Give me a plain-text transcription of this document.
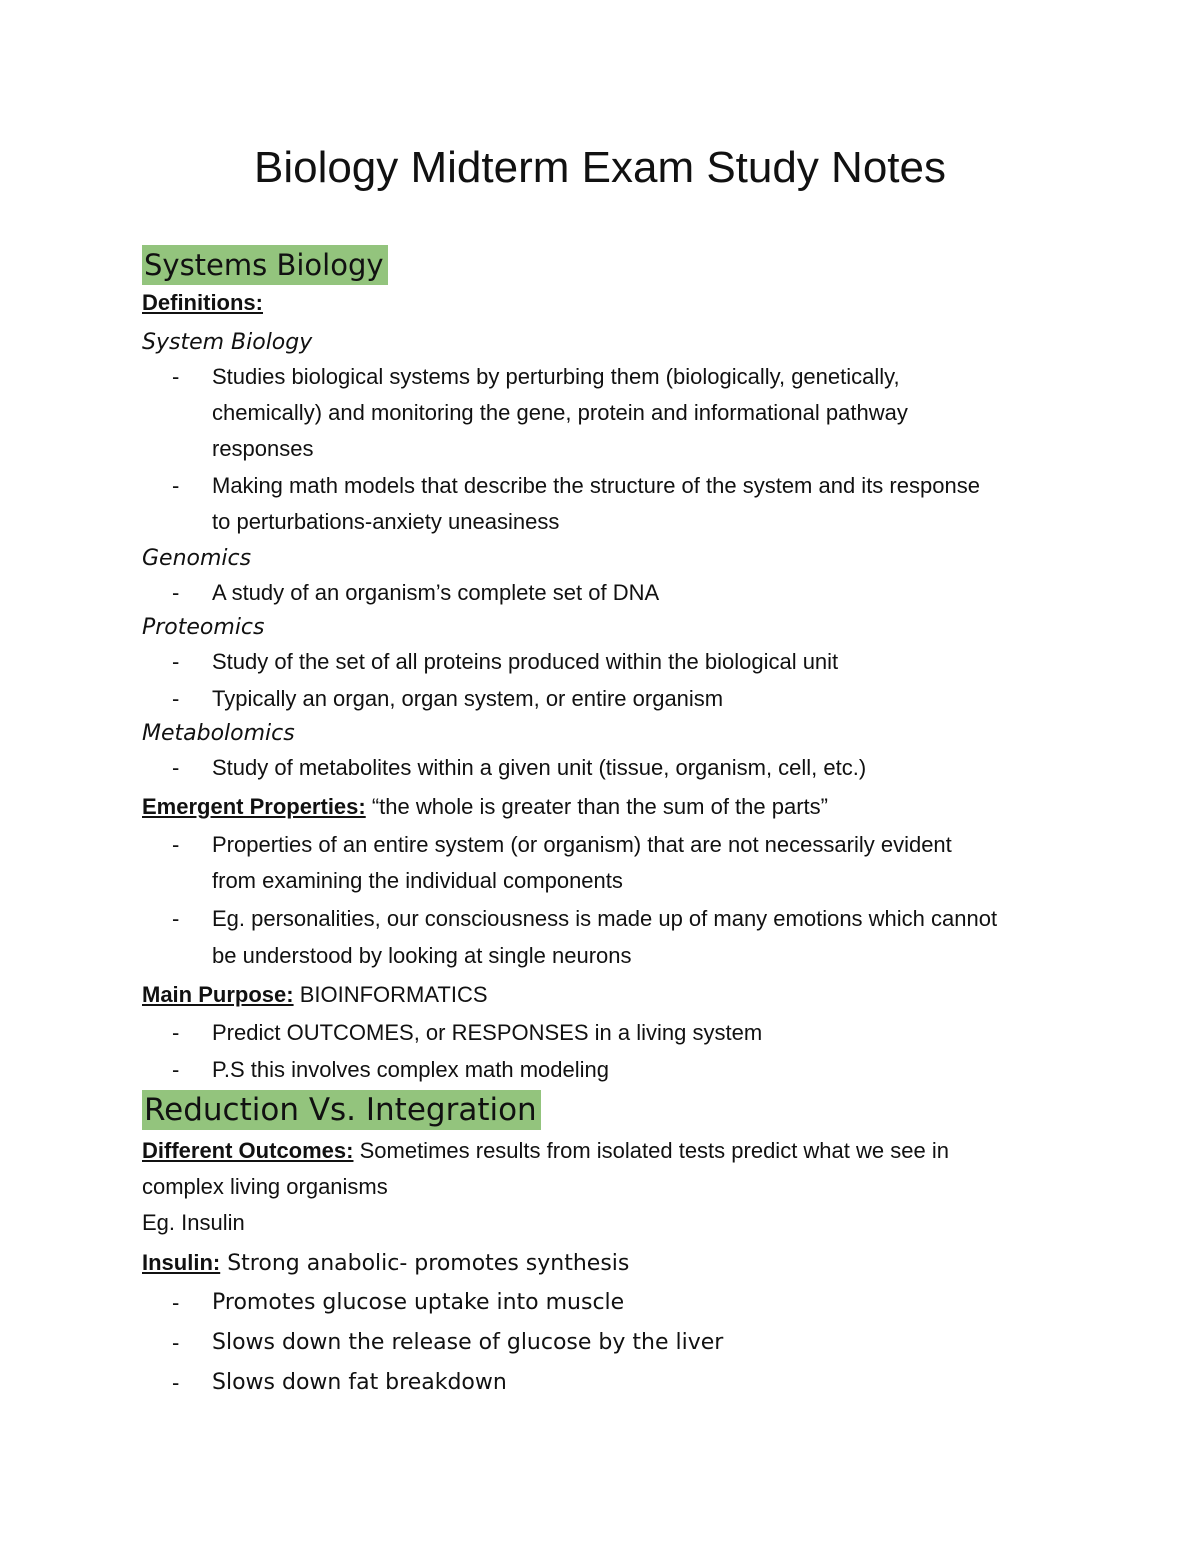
Biology Midterm Exam Study Notes
Systems Biology
Definitions:
System Biology
- Studies biological systems by perturbing them (biologically, genetically,
chemically) and monitoring the gene, protein and informational pathway
responses
- Making math models that describe the structure of the system and its response
to perturbations-anxiety uneasiness
Genomics
- A study of an organism’s complete set of DNA
Proteomics
- Study of the set of all proteins produced within the biological unit
- Typically an organ, organ system, or entire organism
Metabolomics
- Study of metabolites within a given unit (tissue, organism, cell, etc.)
Emergent Properties: “the whole is greater than the sum of the parts”
- Properties of an entire system (or organism) that are not necessarily evident
from examining the individual components
- Eg. personalities, our consciousness is made up of many emotions which cannot
be understood by looking at single neurons
Main Purpose: BIOINFORMATICS
- Predict OUTCOMES, or RESPONSES in a living system
- P.S this involves complex math modeling
Reduction Vs. Integration
Different Outcomes: Sometimes results from isolated tests predict what we see in
complex living organisms
Eg. Insulin
Insulin: Strong anabolic- promotes synthesis
- Promotes glucose uptake into muscle
- Slows down the release of glucose by the liver
- Slows down fat breakdown
